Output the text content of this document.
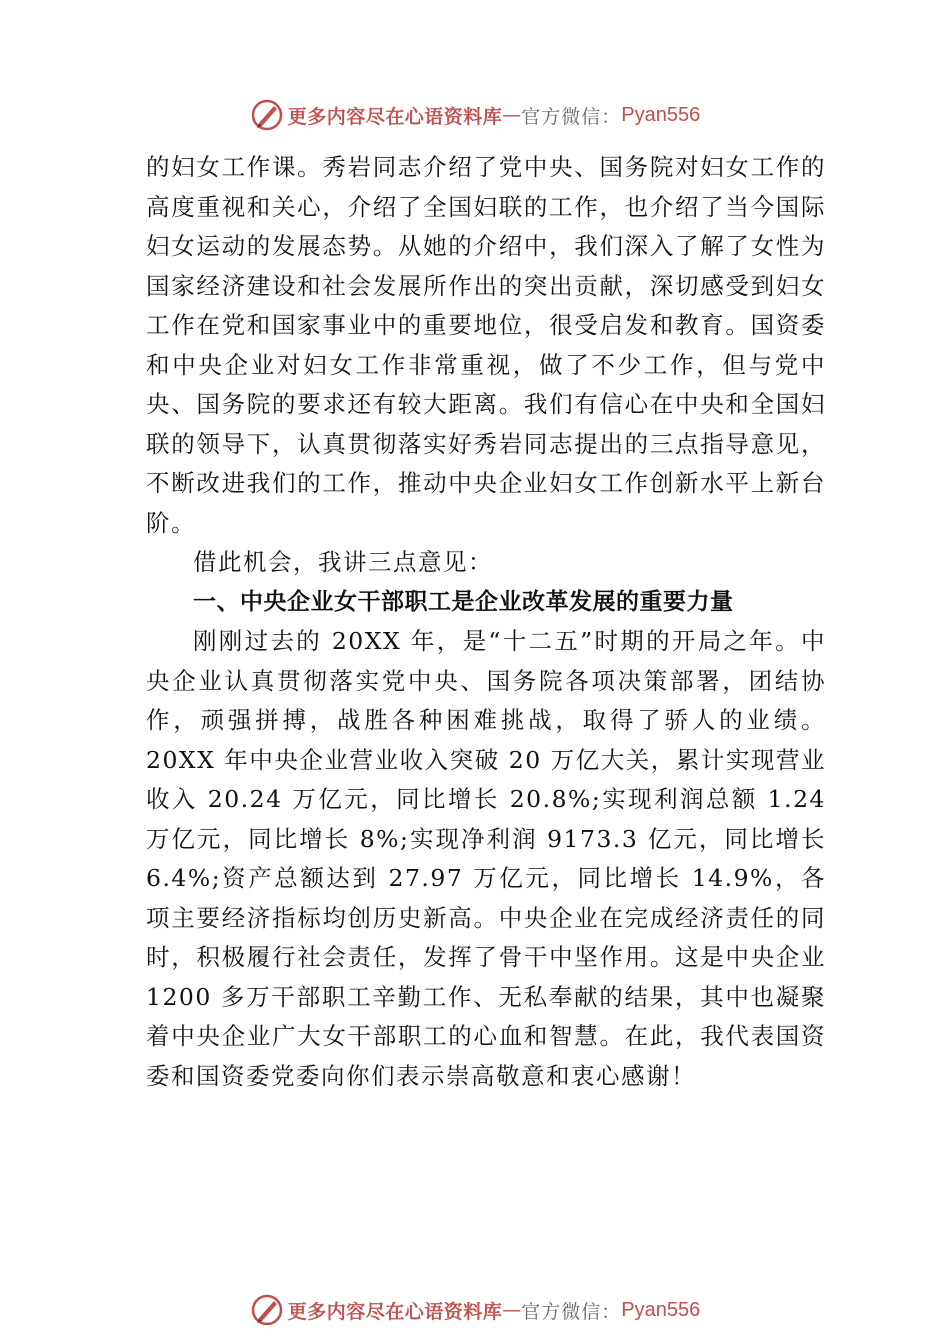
更多内容尽在心语资料库 — 官方微信： Pyan556

的妇女工作课。秀岩同志介绍了党中央、国务院对妇女工作的高度重视和关心，介绍了全国妇联的工作，也介绍了当今国际妇女运动的发展态势。从她的介绍中，我们深入了解了女性为国家经济建设和社会发展所作出的突出贡献，深切感受到妇女工作在党和国家事业中的重要地位，很受启发和教育。国资委和中央企业对妇女工作非常重视，做了不少工作，但与党中央、国务院的要求还有较大距离。我们有信心在中央和全国妇联的领导下，认真贯彻落实好秀岩同志提出的三点指导意见，不断改进我们的工作，推动中央企业妇女工作创新水平上新台阶。

借此机会，我讲三点意见：

一、中央企业女干部职工是企业改革发展的重要力量

刚刚过去的 20XX 年，是“十二五”时期的开局之年。中央企业认真贯彻落实党中央、国务院各项决策部署，团结协作，顽强拼搏，战胜各种困难挑战，取得了骄人的业绩。20XX 年中央企业营业收入突破 20 万亿大关，累计实现营业收入 20.24 万亿元，同比增长 20.8%;实现利润总额 1.24 万亿元，同比增长 8%;实现净利润 9173.3 亿元，同比增长 6.4%;资产总额达到 27.97 万亿元，同比增长 14.9%，各项主要经济指标均创历史新高。中央企业在完成经济责任的同时，积极履行社会责任，发挥了骨干中坚作用。这是中央企业 1200 多万干部职工辛勤工作、无私奉献的结果，其中也凝聚着中央企业广大女干部职工的心血和智慧。在此，我代表国资委和国资委党委向你们表示崇高敬意和衷心感谢！

更多内容尽在心语资料库 — 官方微信： Pyan556
